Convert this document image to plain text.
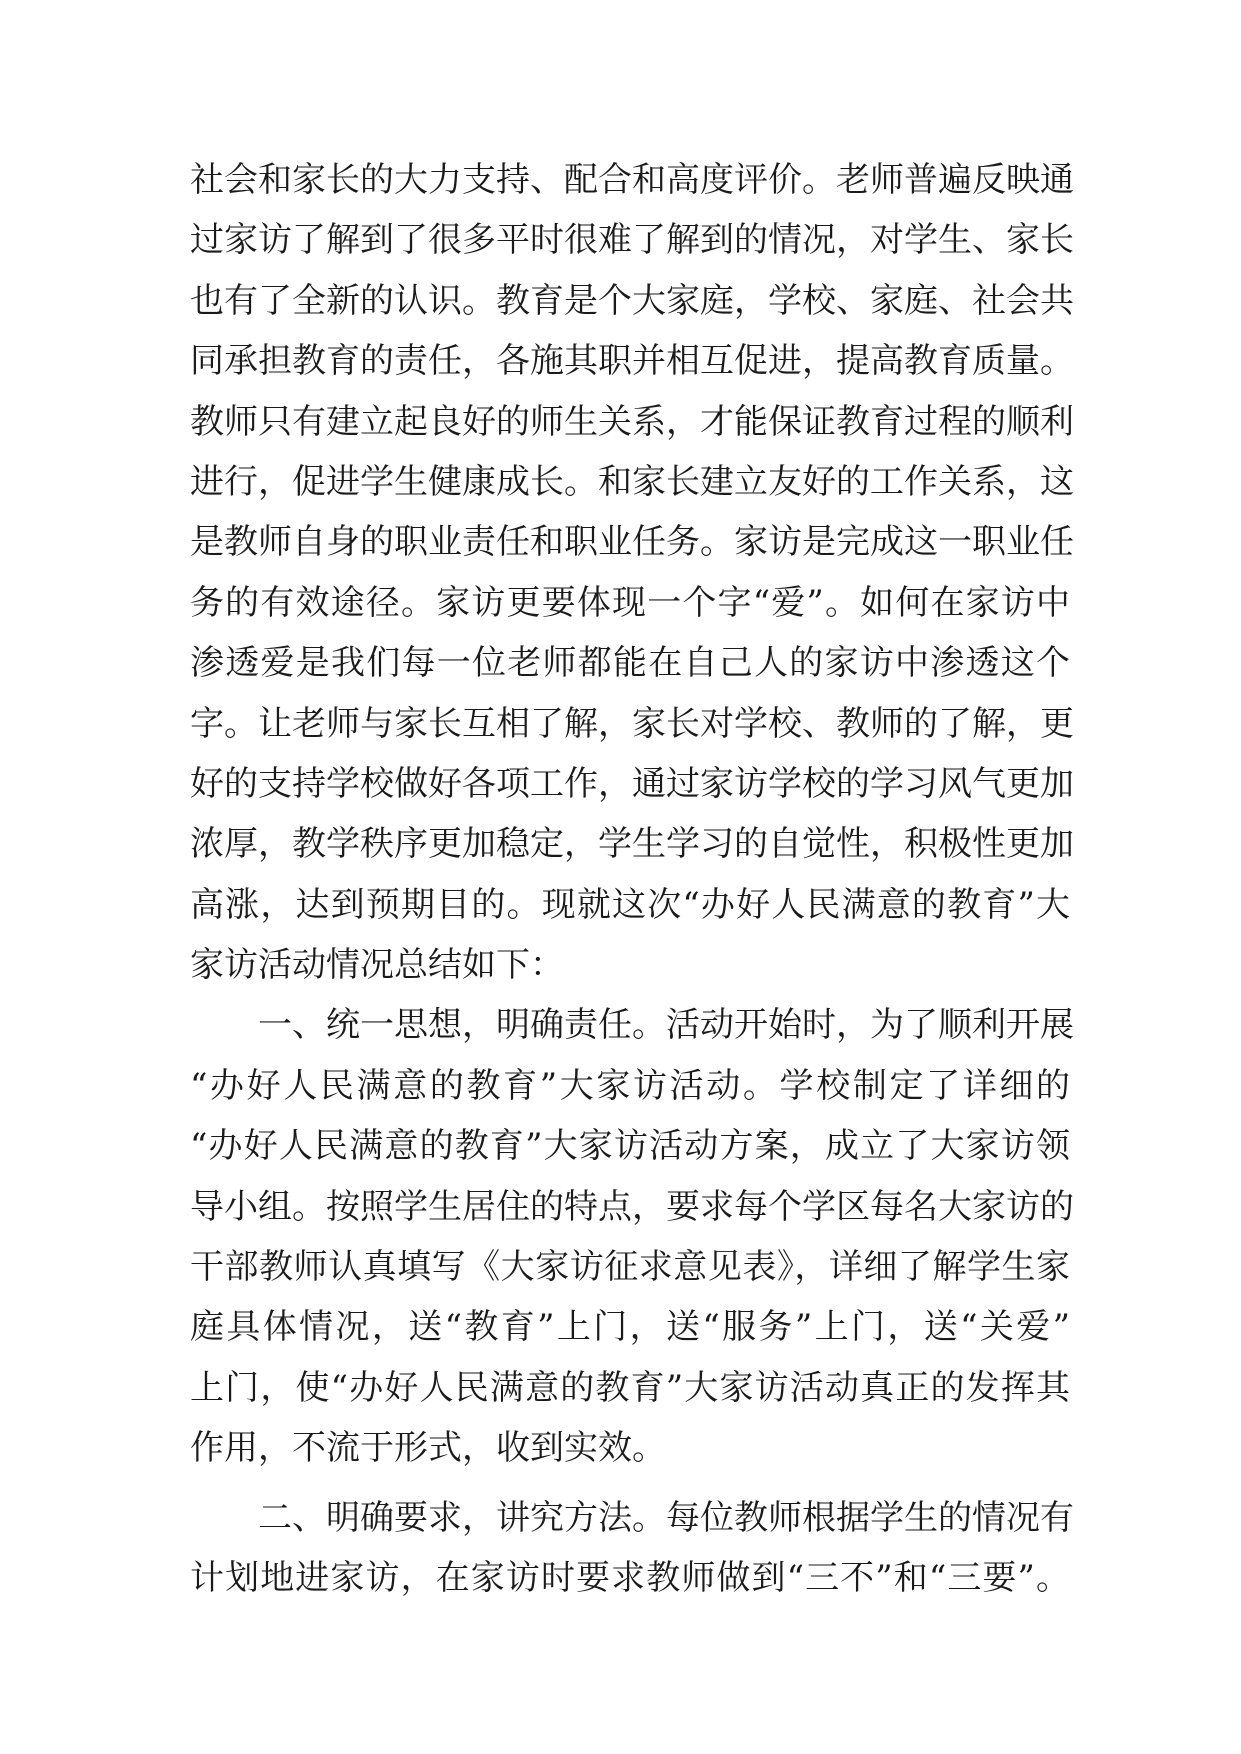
社会和家长的大力支持、配合和高度评价。老师普遍反映通
过家访了解到了很多平时很难了解到的情况，对学生、家长
也有了全新的认识。教育是个大家庭，学校、家庭、社会共
同承担教育的责任，各施其职并相互促进，提高教育质量。
教师只有建立起良好的师生关系，才能保证教育过程的顺利
进行，促进学生健康成长。和家长建立友好的工作关系，这
是教师自身的职业责任和职业任务。家访是完成这一职业任
务的有效途径。家访更要体现一个字“爱”。如何在家访中
渗透爱是我们每一位老师都能在自己人的家访中渗透这个
字。让老师与家长互相了解，家长对学校、教师的了解，更
好的支持学校做好各项工作，通过家访学校的学习风气更加
浓厚，教学秩序更加稳定，学生学习的自觉性，积极性更加
高涨，达到预期目的。现就这次“办好人民满意的教育”大
家访活动情况总结如下：
　　一、统一思想，明确责任。活动开始时，为了顺利开展
“办好人民满意的教育”大家访活动。学校制定了详细的
“办好人民满意的教育”大家访活动方案，成立了大家访领
导小组。按照学生居住的特点，要求每个学区每名大家访的
干部教师认真填写《大家访征求意见表》，详细了解学生家
庭具体情况，送“教育”上门，送“服务”上门，送“关爱”
上门，使“办好人民满意的教育”大家访活动真正的发挥其
作用，不流于形式，收到实效。
　　二、明确要求，讲究方法。每位教师根据学生的情况有
计划地进家访，在家访时要求教师做到“三不”和“三要”。
